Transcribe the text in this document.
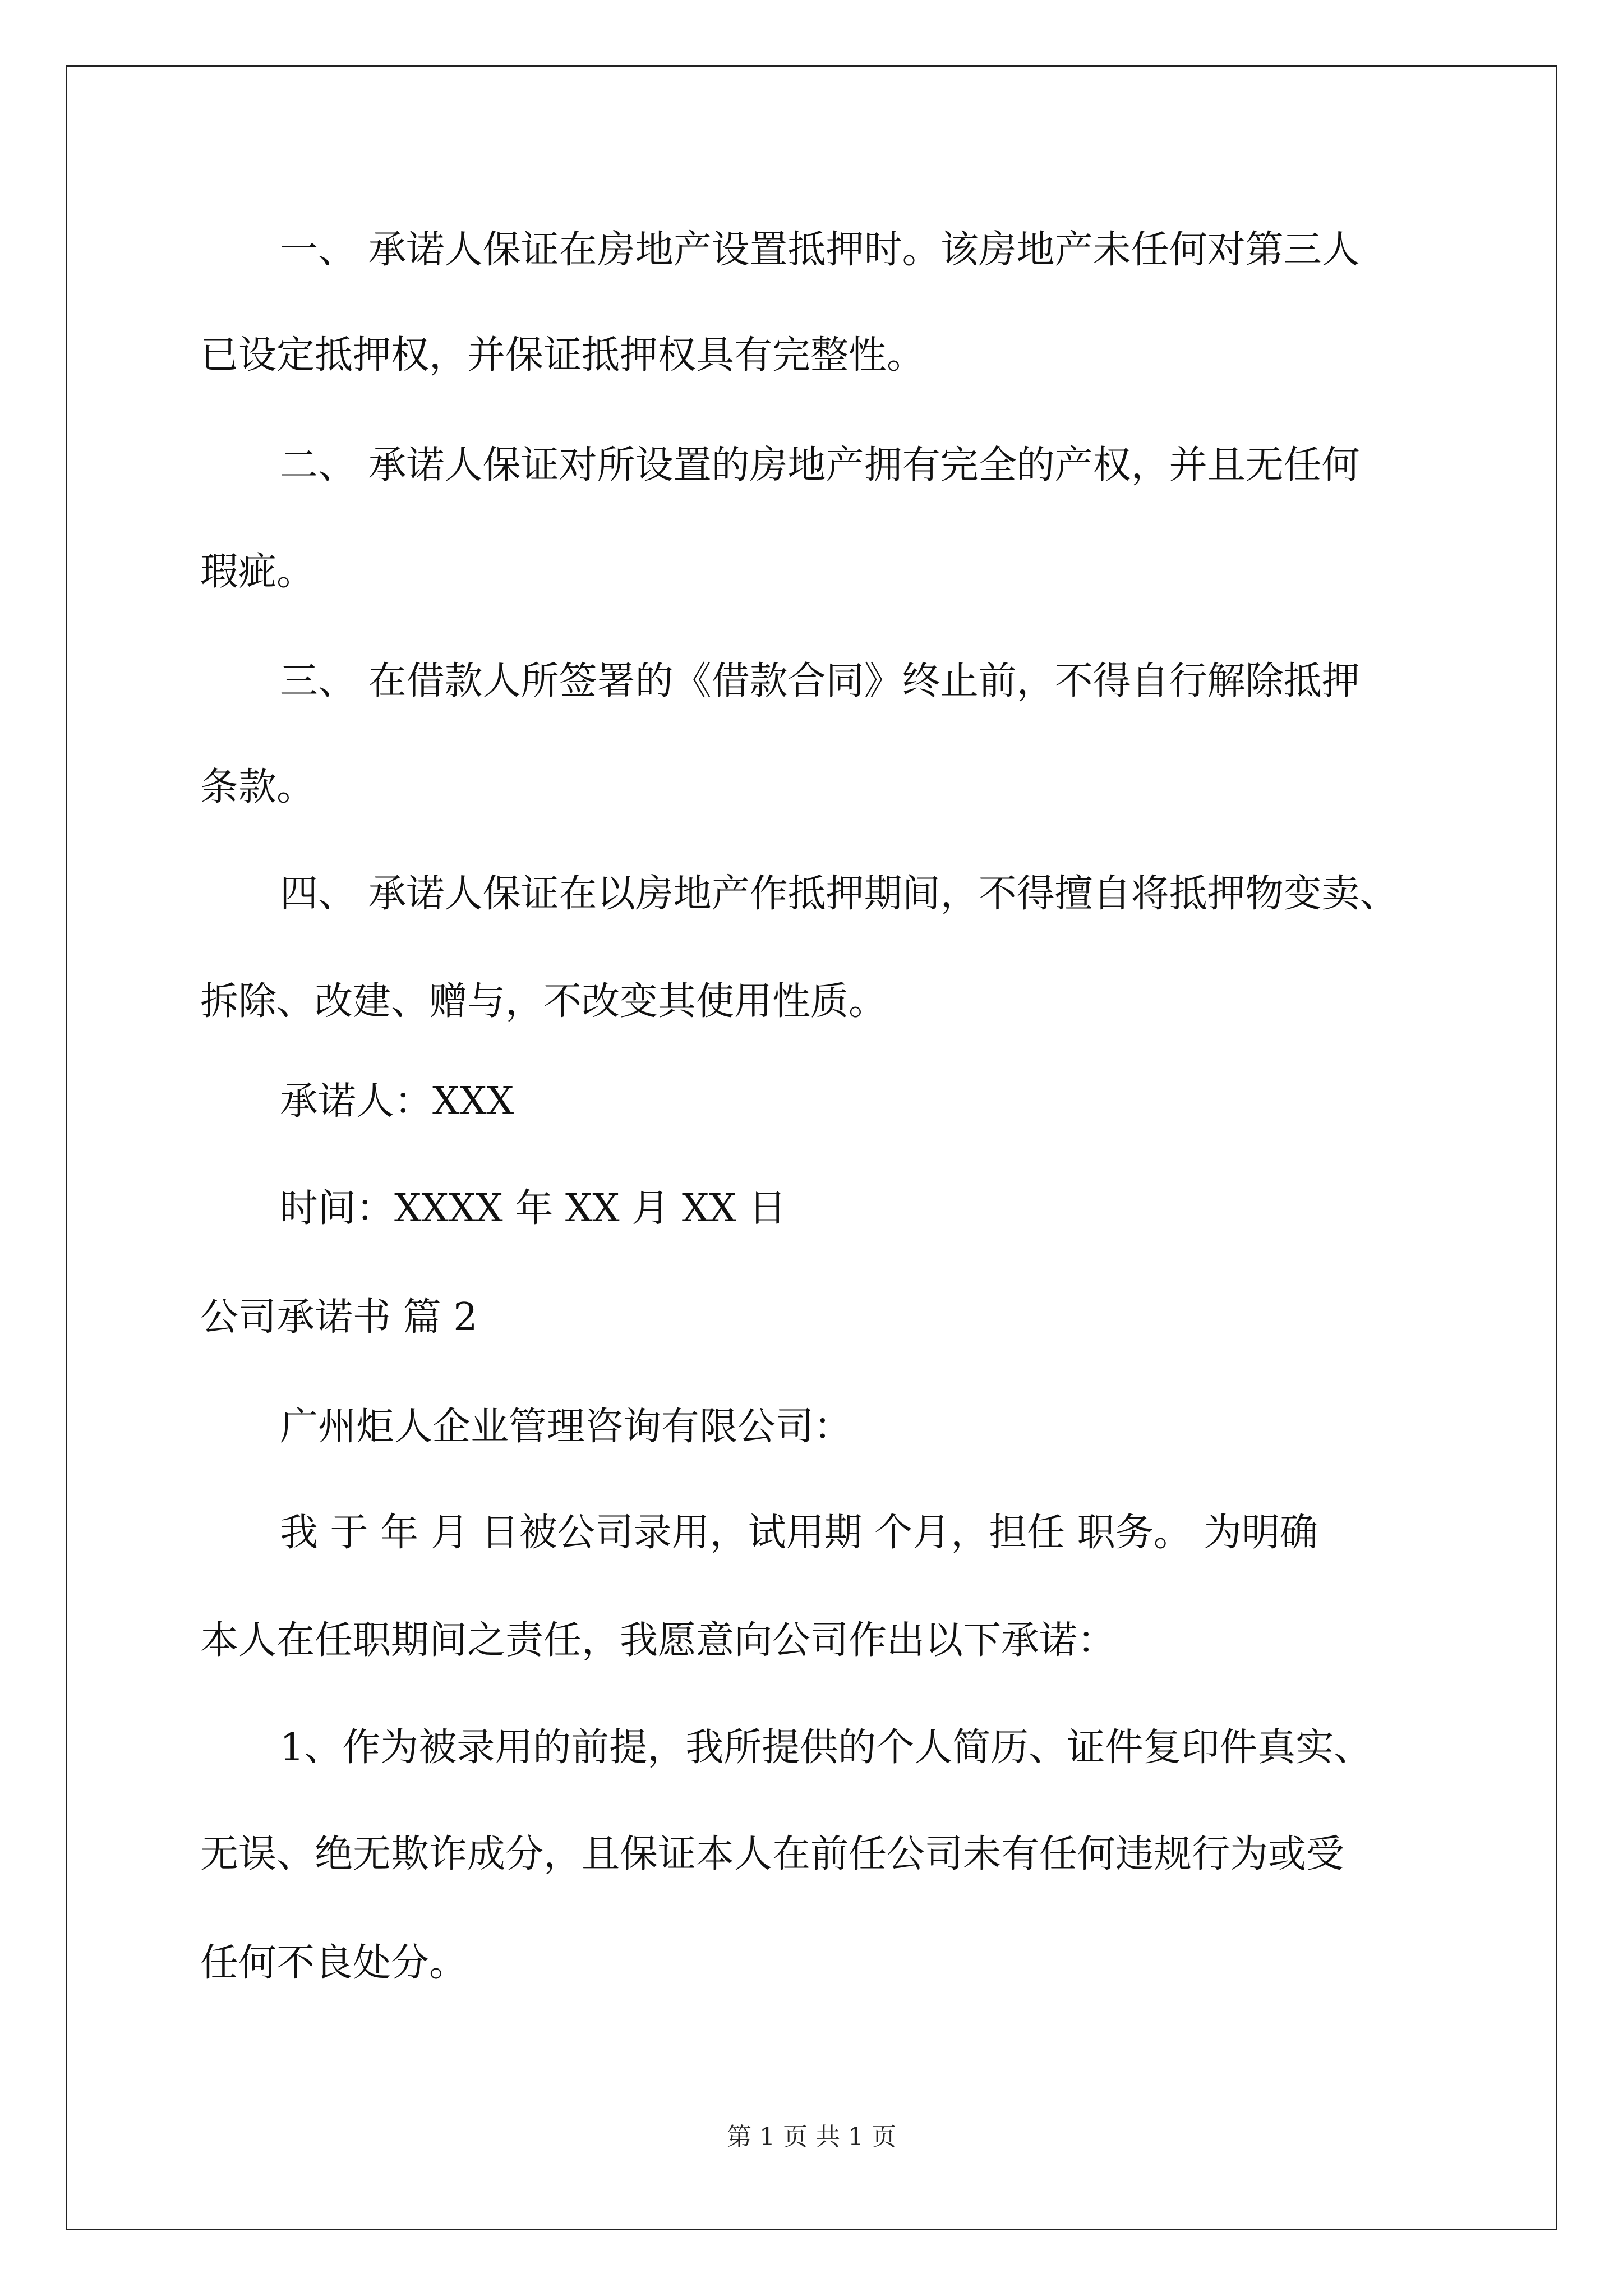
一、 承诺人保证在房地产设置抵押时。该房地产未任何对第三人
已设定抵押权，并保证抵押权具有完整性。
二、 承诺人保证对所设置的房地产拥有完全的产权，并且无任何
瑕疵。
三、 在借款人所签署的《借款合同》终止前，不得自行解除抵押
条款。
四、 承诺人保证在以房地产作抵押期间，不得擅自将抵押物变卖、
拆除、改建、赠与，不改变其使用性质。
承诺人：XXX
时间：XXXX 年 XX 月 XX 日
公司承诺书 篇 2
广州炬人企业管理咨询有限公司：
我 于 年 月 日被公司录用，试用期 个月，担任 职务。 为明确
本人在任职期间之责任，我愿意向公司作出以下承诺：
1、作为被录用的前提，我所提供的个人简历、证件复印件真实、
无误、绝无欺诈成分，且保证本人在前任公司未有任何违规行为或受
任何不良处分。
第 1 页 共 1 页
